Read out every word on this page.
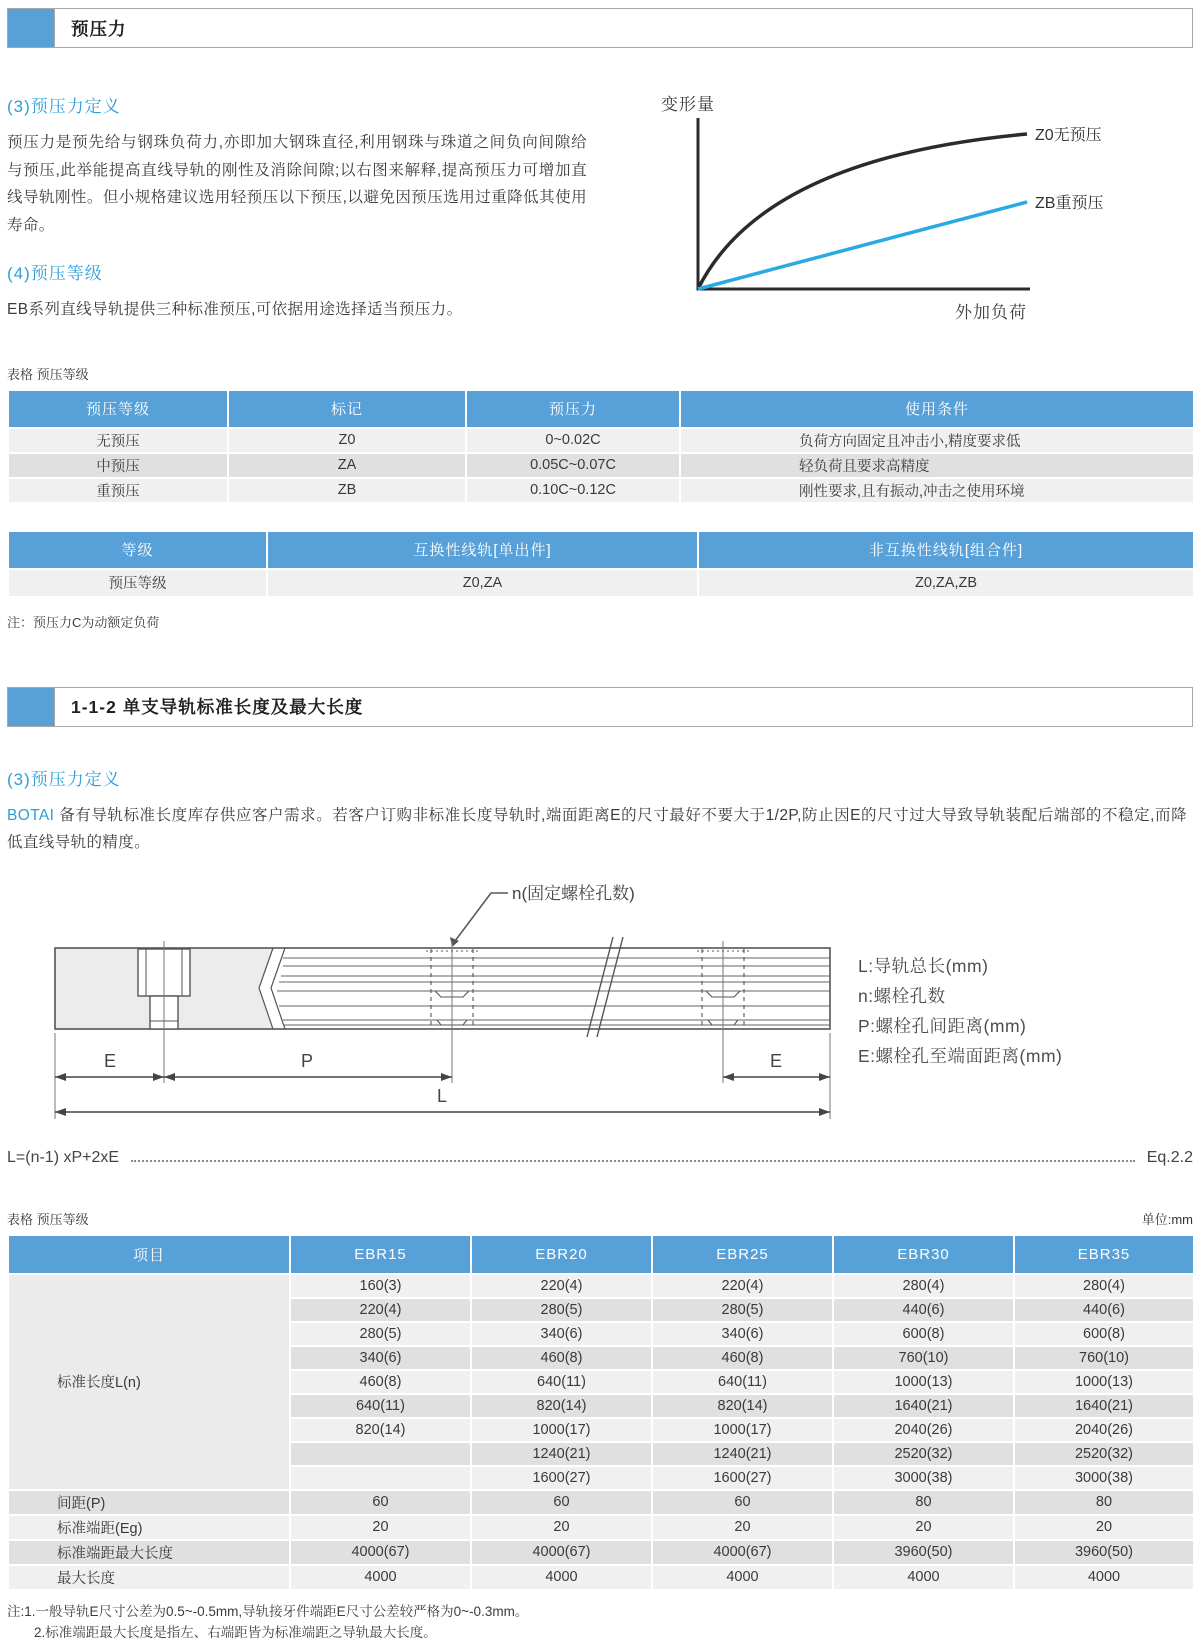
预压力
(3)预压力定义

预压力是预先给与钢珠负荷力,亦即加大钢珠直径,利用钢珠与珠道之间负向间隙给与预压,此举能提高直线导轨的刚性及消除间隙;以右图来解释,提高预压力可增加直线导轨刚性。但小规格建议选用轻预压以下预压,以避免因预压选用过重降低其使用寿命。

(4)预压等级

EB系列直线导轨提供三种标准预压,可依据用途选择适当预压力。

变形量
Z0无预压
ZB重预压
外加负荷
表格 预压等级
预压等级	标记	预压力	使用条件
无预压	Z0	0~0.02C	负荷方向固定且冲击小,精度要求低
中预压	ZA	0.05C~0.07C	轻负荷且要求高精度
重预压	ZB	0.10C~0.12C	刚性要求,且有振动,冲击之使用环境
等级	互换性线轨[单出件]	非互换性线轨[组合件]
预压等级	Z0,ZA	Z0,ZA,ZB
注：预压力C为动额定负荷
1-1-2 单支导轨标准长度及最大长度
(3)预压力定义

BOTAI 备有导轨标准长度库存供应客户需求。若客户订购非标准长度导轨时,端面距离E的尺寸最好不要大于1/2P,防止因E的尺寸过大导致导轨装配后端部的不稳定,而降低直线导轨的精度。

n(固定螺栓孔数)
E	P	E
L
L:导轨总长(mm)
n:螺栓孔数
P:螺栓孔间距离(mm)
E:螺栓孔至端面距离(mm)
L=(n-1) xP+2xE	Eq.2.2
表格 预压等级	单位:mm
项目	EBR15	EBR20	EBR25	EBR30	EBR35
标准长度L(n)	160(3)	220(4)	220(4)	280(4)	280(4)
	220(4)	280(5)	280(5)	440(6)	440(6)
	280(5)	340(6)	340(6)	600(8)	600(8)
	340(6)	460(8)	460(8)	760(10)	760(10)
	460(8)	640(11)	640(11)	1000(13)	1000(13)
	640(11)	820(14)	820(14)	1640(21)	1640(21)
	820(14)	1000(17)	1000(17)	2040(26)	2040(26)
		1240(21)	1240(21)	2520(32)	2520(32)
		1600(27)	1600(27)	3000(38)	3000(38)
间距(P)	60	60	60	80	80
标准端距(Eg)	20	20	20	20	20
标准端距最大长度	4000(67)	4000(67)	4000(67)	3960(50)	3960(50)
最大长度	4000	4000	4000	4000	4000
注:1.一般导轨E尺寸公差为0.5~-0.5mm,导轨接牙件端距E尺寸公差较严格为0~-0.3mm。
2.标准端距最大长度是指左、右端距皆为标准端距之导轨最大长度。
